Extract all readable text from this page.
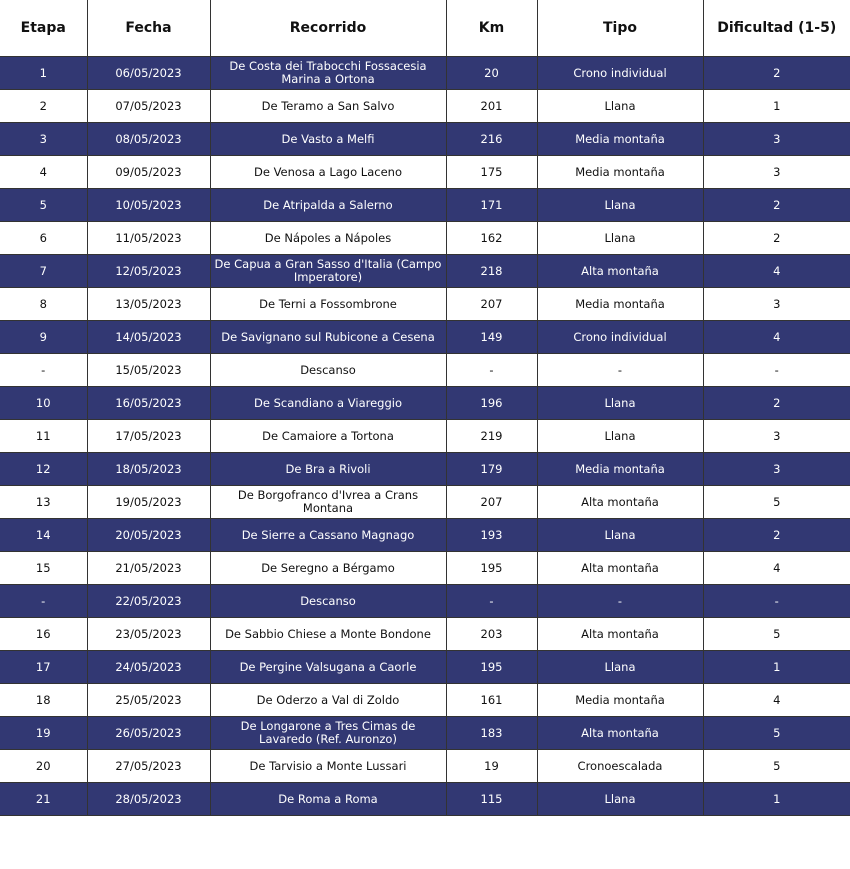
Etapa	Fecha	Recorrido	Km	Tipo	Dificultad (1-5)
1	06/05/2023	De Costa dei Trabocchi Fossacesia Marina a Ortona	20	Crono individual	2
2	07/05/2023	De Teramo a San Salvo	201	Llana	1
3	08/05/2023	De Vasto a Melfi	216	Media montaña	3
4	09/05/2023	De Venosa a Lago Laceno	175	Media montaña	3
5	10/05/2023	De Atripalda a Salerno	171	Llana	2
6	11/05/2023	De Nápoles a Nápoles	162	Llana	2
7	12/05/2023	De Capua a Gran Sasso d'Italia (Campo Imperatore)	218	Alta montaña	4
8	13/05/2023	De Terni a Fossombrone	207	Media montaña	3
9	14/05/2023	De Savignano sul Rubicone a Cesena	149	Crono individual	4
-	15/05/2023	Descanso	-	-	-
10	16/05/2023	De Scandiano a Viareggio	196	Llana	2
11	17/05/2023	De Camaiore a Tortona	219	Llana	3
12	18/05/2023	De Bra a Rivoli	179	Media montaña	3
13	19/05/2023	De Borgofranco d'Ivrea a Crans Montana	207	Alta montaña	5
14	20/05/2023	De Sierre a Cassano Magnago	193	Llana	2
15	21/05/2023	De Seregno a Bérgamo	195	Alta montaña	4
-	22/05/2023	Descanso	-	-	-
16	23/05/2023	De Sabbio Chiese a Monte Bondone	203	Alta montaña	5
17	24/05/2023	De Pergine Valsugana a Caorle	195	Llana	1
18	25/05/2023	De Oderzo a Val di Zoldo	161	Media montaña	4
19	26/05/2023	De Longarone a Tres Cimas de Lavaredo (Ref. Auronzo)	183	Alta montaña	5
20	27/05/2023	De Tarvisio a Monte Lussari	19	Cronoescalada	5
21	28/05/2023	De Roma a Roma	115	Llana	1
